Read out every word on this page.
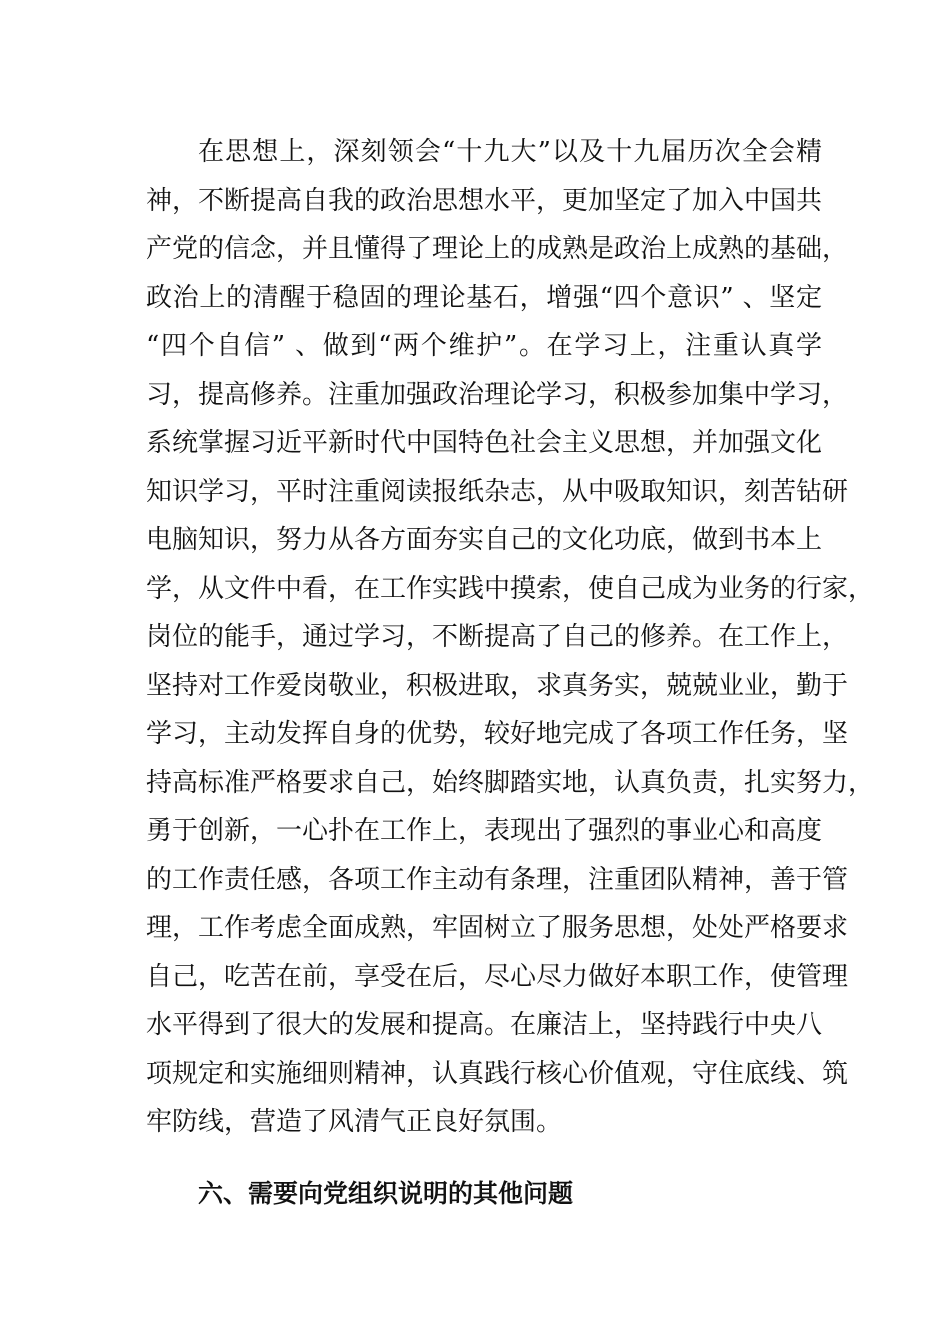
在思想上，深刻领会“十九大”以及十九届历次全会精
神，不断提高自我的政治思想水平，更加坚定了加入中国共
产党的信念，并且懂得了理论上的成熟是政治上成熟的基础，
政治上的清醒于稳固的理论基石，增强“四个意识” 、坚定
“四个自信” 、做到“两个维护”。在学习上，注重认真学
习，提高修养。注重加强政治理论学习，积极参加集中学习，
系统掌握习近平新时代中国特色社会主义思想，并加强文化
知识学习，平时注重阅读报纸杂志，从中吸取知识，刻苦钻研
电脑知识，努力从各方面夯实自己的文化功底，做到书本上
学，从文件中看，在工作实践中摸索，使自己成为业务的行家，
岗位的能手，通过学习，不断提高了自己的修养。在工作上，
坚持对工作爱岗敬业，积极进取，求真务实，兢兢业业，勤于
学习，主动发挥自身的优势，较好地完成了各项工作任务，坚
持高标准严格要求自己，始终脚踏实地，认真负责，扎实努力，
勇于创新，一心扑在工作上，表现出了强烈的事业心和高度
的工作责任感，各项工作主动有条理，注重团队精神，善于管
理，工作考虑全面成熟，牢固树立了服务思想，处处严格要求
自己，吃苦在前，享受在后，尽心尽力做好本职工作，使管理
水平得到了很大的发展和提高。在廉洁上，坚持践行中央八
项规定和实施细则精神，认真践行核心价值观，守住底线、筑
牢防线，营造了风清气正良好氛围。
六、需要向党组织说明的其他问题
